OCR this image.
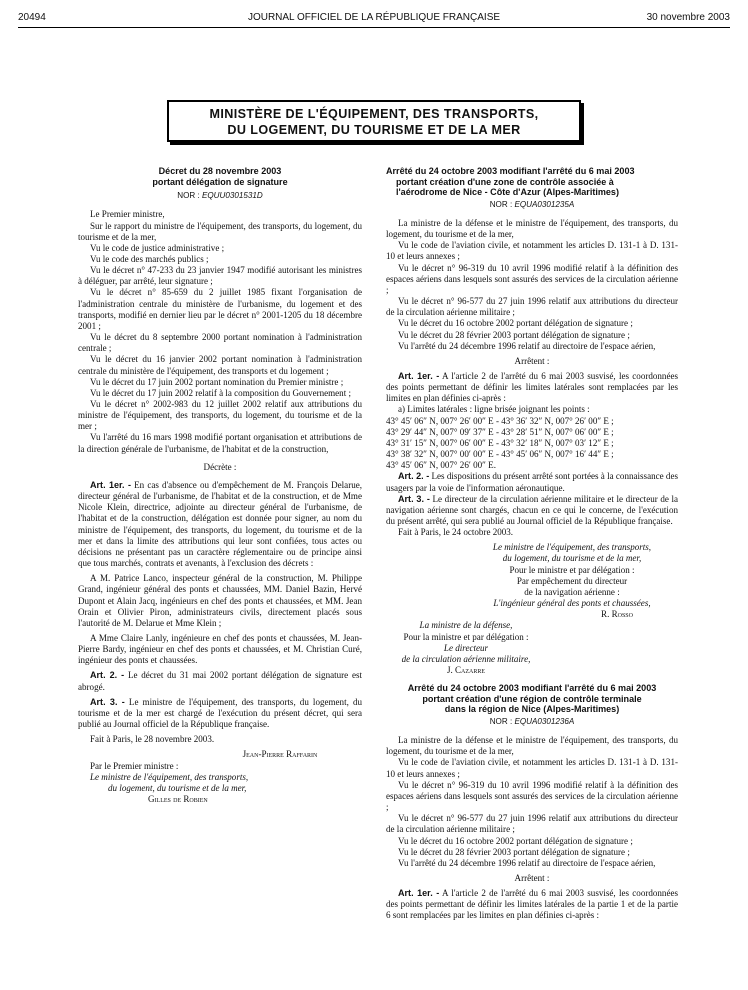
20494	JOURNAL OFFICIEL DE LA RÉPUBLIQUE FRANÇAISE	30 novembre 2003
MINISTÈRE DE L'ÉQUIPEMENT, DES TRANSPORTS,
DU LOGEMENT, DU TOURISME ET DE LA MER
Décret du 28 novembre 2003
portant délégation de signature
NOR : EQUU0301531D

Le Premier ministre,

Sur le rapport du ministre de l'équipement, des transports, du logement, du tourisme et de la mer,

Vu le code de justice administrative ;

Vu le code des marchés publics ;

Vu le décret n° 47-233 du 23 janvier 1947 modifié autorisant les ministres à déléguer, par arrêté, leur signature ;

Vu le décret n° 85-659 du 2 juillet 1985 fixant l'organisation de l'administration centrale du ministère de l'urbanisme, du logement et des transports, modifié en dernier lieu par le décret n° 2001-1205 du 18 décembre 2001 ;

Vu le décret du 8 septembre 2000 portant nomination à l'administration centrale ;

Vu le décret du 16 janvier 2002 portant nomination à l'administration centrale du ministère de l'équipement, des transports et du logement ;

Vu le décret du 17 juin 2002 portant nomination du Premier ministre ;

Vu le décret du 17 juin 2002 relatif à la composition du Gouvernement ;

Vu le décret n° 2002-983 du 12 juillet 2002 relatif aux attributions du ministre de l'équipement, des transports, du logement, du tourisme et de la mer ;

Vu l'arrêté du 16 mars 1998 modifié portant organisation et attributions de la direction générale de l'urbanisme, de l'habitat et de la construction,

Décrète :

Art. 1er. - En cas d'absence ou d'empêchement de M. François Delarue, directeur général de l'urbanisme, de l'habitat et de la construction, et de Mme Nicole Klein, directrice, adjointe au directeur général de l'urbanisme, de l'habitat et de la construction, délégation est donnée pour signer, au nom du ministre de l'équipement, des transports, du logement, du tourisme et de la mer et dans la limite des attributions qui leur sont confiées, tous actes ou décisions ne présentant pas un caractère réglementaire ou de principe ainsi que tous marchés, contrats et avenants, à l'exclusion des décrets :

A M. Patrice Lanco, inspecteur général de la construction, M. Philippe Grand, ingénieur général des ponts et chaussées, MM. Daniel Bazin, Hervé Dupont et Alain Jacq, ingénieurs en chef des ponts et chaussées, et MM. Jean Orain et Olivier Piron, administrateurs civils, directement placés sous l'autorité de M. Delarue et Mme Klein ;

A Mme Claire Lanly, ingénieure en chef des ponts et chaussées, M. Jean-Pierre Bardy, ingénieur en chef des ponts et chaussées, et M. Christian Curé, ingénieur des ponts et chaussées.

Art. 2. - Le décret du 31 mai 2002 portant délégation de signature est abrogé.

Art. 3. - Le ministre de l'équipement, des transports, du logement, du tourisme et de la mer est chargé de l'exécution du présent décret, qui sera publié au Journal officiel de la République française.

Fait à Paris, le 28 novembre 2003.

Jean-Pierre Raffarin

Par le Premier ministre :

Le ministre de l'équipement, des transports,

du logement, du tourisme et de la mer,

Gilles de Robien

Arrêté du 24 octobre 2003 modifiant l'arrêté du 6 mai 2003
portant création d'une zone de contrôle associée à
l'aérodrome de Nice - Côte d'Azur (Alpes-Maritimes)
NOR : EQUA0301235A

La ministre de la défense et le ministre de l'équipement, des transports, du logement, du tourisme et de la mer,

Vu le code de l'aviation civile, et notamment les articles D. 131-1 à D. 131-10 et leurs annexes ;

Vu le décret n° 96-319 du 10 avril 1996 modifié relatif à la définition des espaces aériens dans lesquels sont assurés des services de la circulation aérienne ;

Vu le décret n° 96-577 du 27 juin 1996 relatif aux attributions du directeur de la circulation aérienne militaire ;

Vu le décret du 16 octobre 2002 portant délégation de signature ;

Vu le décret du 28 février 2003 portant délégation de signature ;

Vu l'arrêté du 24 décembre 1996 relatif au directoire de l'espace aérien,

Arrêtent :

Art. 1er. - A l'article 2 de l'arrêté du 6 mai 2003 susvisé, les coordonnées des points permettant de définir les limites latérales sont remplacées par les limites en plan définies ci-après :

a) Limites latérales : ligne brisée joignant les points :

43° 45′ 06″ N, 007° 26′ 00″ E - 43° 36′ 32″ N, 007° 26′ 00″ E ;
43° 29′ 44″ N, 007° 09′ 37″ E - 43° 28′ 51″ N, 007° 06′ 00″ E ;
43° 31′ 15″ N, 007° 06′ 00″ E - 43° 32′ 18″ N, 007° 03′ 12″ E ;
43° 38′ 32″ N, 007° 00′ 00″ E - 43° 45′ 06″ N, 007° 16′ 44″ E ;
43° 45′ 06″ N, 007° 26′ 00″ E.

Art. 2. - Les dispositions du présent arrêté sont portées à la connaissance des usagers par la voie de l'information aéronautique.

Art. 3. - Le directeur de la circulation aérienne militaire et le directeur de la navigation aérienne sont chargés, chacun en ce qui le concerne, de l'exécution du présent arrêté, qui sera publié au Journal officiel de la République française.

Fait à Paris, le 24 octobre 2003.

Le ministre de l'équipement, des transports,

du logement, du tourisme et de la mer,

Pour le ministre et par délégation :

Par empêchement du directeur

de la navigation aérienne :

L'ingénieur général des ponts et chaussées,

R. Rosso

La ministre de la défense,

Pour la ministre et par délégation :

Le directeur

de la circulation aérienne militaire,

J. Cazarre

Arrêté du 24 octobre 2003 modifiant l'arrêté du 6 mai 2003
portant création d'une région de contrôle terminale
dans la région de Nice (Alpes-Maritimes)
NOR : EQUA0301236A

La ministre de la défense et le ministre de l'équipement, des transports, du logement, du tourisme et de la mer,

Vu le code de l'aviation civile, et notamment les articles D. 131-1 à D. 131-10 et leurs annexes ;

Vu le décret n° 96-319 du 10 avril 1996 modifié relatif à la définition des espaces aériens dans lesquels sont assurés des services de la circulation aérienne ;

Vu le décret n° 96-577 du 27 juin 1996 relatif aux attributions du directeur de la circulation aérienne militaire ;

Vu le décret du 16 octobre 2002 portant délégation de signature ;

Vu le décret du 28 février 2003 portant délégation de signature ;

Vu l'arrêté du 24 décembre 1996 relatif au directoire de l'espace aérien,

Arrêtent :

Art. 1er. - A l'article 2 de l'arrêté du 6 mai 2003 susvisé, les coordonnées des points permettant de définir les limites latérales de la partie 1 et de la partie 6 sont remplacées par les limites en plan définies ci-après :
